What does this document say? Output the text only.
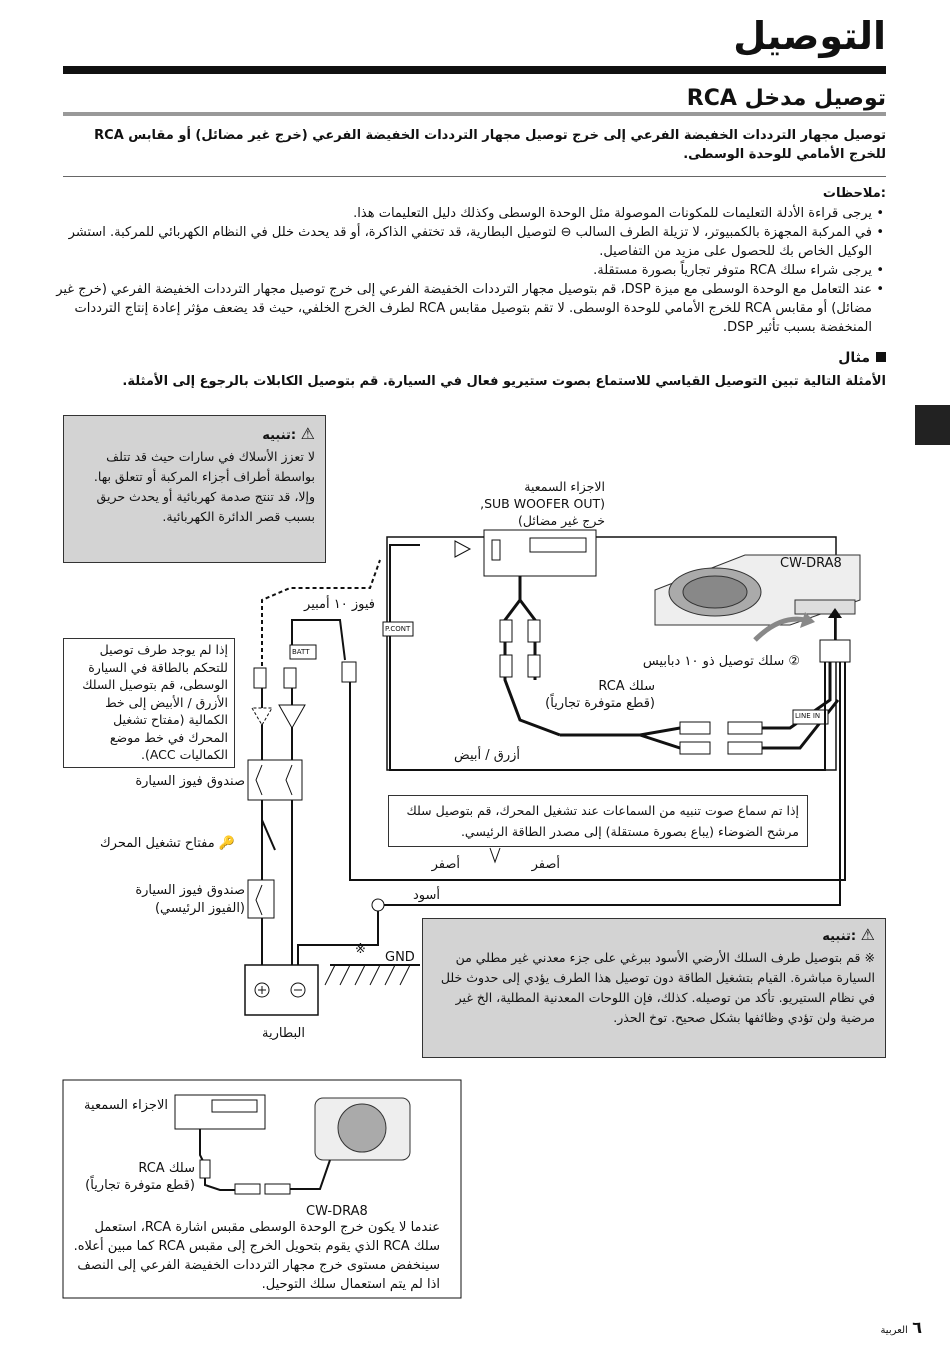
التوصيل
توصيل مدخل RCA
توصيل مجهار الترددات الخفيضة الفرعي إلى خرج توصيل مجهار الترددات الخفيضة الفرعي (خرج غير مضائل) أو مقابس RCA للخرج الأمامي للوحدة الوسطى.
:ملاحظات
•
يرجى قراءة الأدلة التعليمات للمكونات الموصولة مثل الوحدة الوسطى وكذلك دليل التعليمات هذا.
•
في المركبة المجهزة بالكمبيوتر، لا تزيلة الطرف السالب ⊖ لتوصيل البطارية، قد تختفي الذاكرة، أو قد يحدث خلل في النظام الكهربائي للمركبة. استشر الوكيل الخاص بك للحصول على مزيد من التفاصيل.
•
يرجى شراء سلك RCA متوفر تجارياً بصورة مستقلة.
•
عند التعامل مع الوحدة الوسطى مع ميزة DSP، قم بتوصيل مجهار الترددات الخفيضة الفرعي إلى خرج توصيل مجهار الترددات الخفيضة الفرعي (خرج غير مضائل) أو مقابس RCA للخرج الأمامي للوحدة الوسطى. لا تقم بتوصيل مقابس RCA لطرف الخرج الخلفي، حيث قد يضعف مؤثر إعادة إنتاج الترددات المنخفضة بسبب تأثير DSP.
مثال
الأمثلة التالية تبين التوصيل القياسي للاستماع بصوت ستيريو فعال في السيارة. قم بتوصيل الكابلات بالرجوع إلى الأمثلة.
⚠ :تنبيه
لا تعزز الأسلاك في سارات حيث قد تتلف بواسطة أطراف أجزاء المركبة أو تتعلق بها. وإلا، قد تنتج صدمة كهربائية أو يحدث حريق بسبب قصر الدائرة الكهربائية.
الاجزاء السمعية
,SUB WOOFER OUT)
خرج غير مضائل)
CW-DRA8
LINE IN
BATT
P.CONT
② سلك توصيل ذو ١٠ دبابيس
سلك RCA
(قطع متوفرة تجارياً)
فيوز ١٠ أمبير
أزرق / أبيض
إذا لم يوجد طرف توصيل للتحكم بالطاقة في السيارة الوسطى، قم بتوصيل السلك الأزرق / الأبيض إلى خط الكمالية (مفتاح تشغيل المحرك في خط موضع الكماليات ACC).
صندوق فيوز السيارة
🔑 مفتاح تشغيل المحرك
صندوق فيوز السيارة
(الفيوز الرئيسي)
البطارية
إذا تم سماع صوت تنبيه من السماعات عند تشغيل المحرك، قم بتوصيل سلك مرشح الضوضاء (يباع بصورة مستقلة) إلى مصدر الطاقة الرئيسي.
أصفر	أصفر
أسود
GND
※
⚠ :تنبيه
※ قم بتوصيل طرف السلك الأرضي الأسود ببرغي على جزء معدني غير مطلي من السيارة مباشرة. القيام بتشغيل الطاقة دون توصيل هذا الطرف يؤدي إلى حدوث خلل في نظام الستيريو. تأكد من توصيله. كذلك، فإن اللوحات المعدنية المطلية، الخ غير مرضية ولن تؤدي وظائفها بشكل صحيح. توخ الحذر.
الاجزاء السمعية
سلك RCA
(قطع متوفرة تجارياً)
CW-DRA8
عندما لا يكون خرج الوحدة الوسطى مقبس اشارة RCA، استعمل سلك RCA الذي يقوم بتحويل الخرج إلى مقبس RCA كما مبين أعلاه. سينخفض مستوى خرج مجهار الترددات الخفيضة الفرعي إلى النصف اذا لم يتم استعمال سلك التوحيل.
٦ العربية
